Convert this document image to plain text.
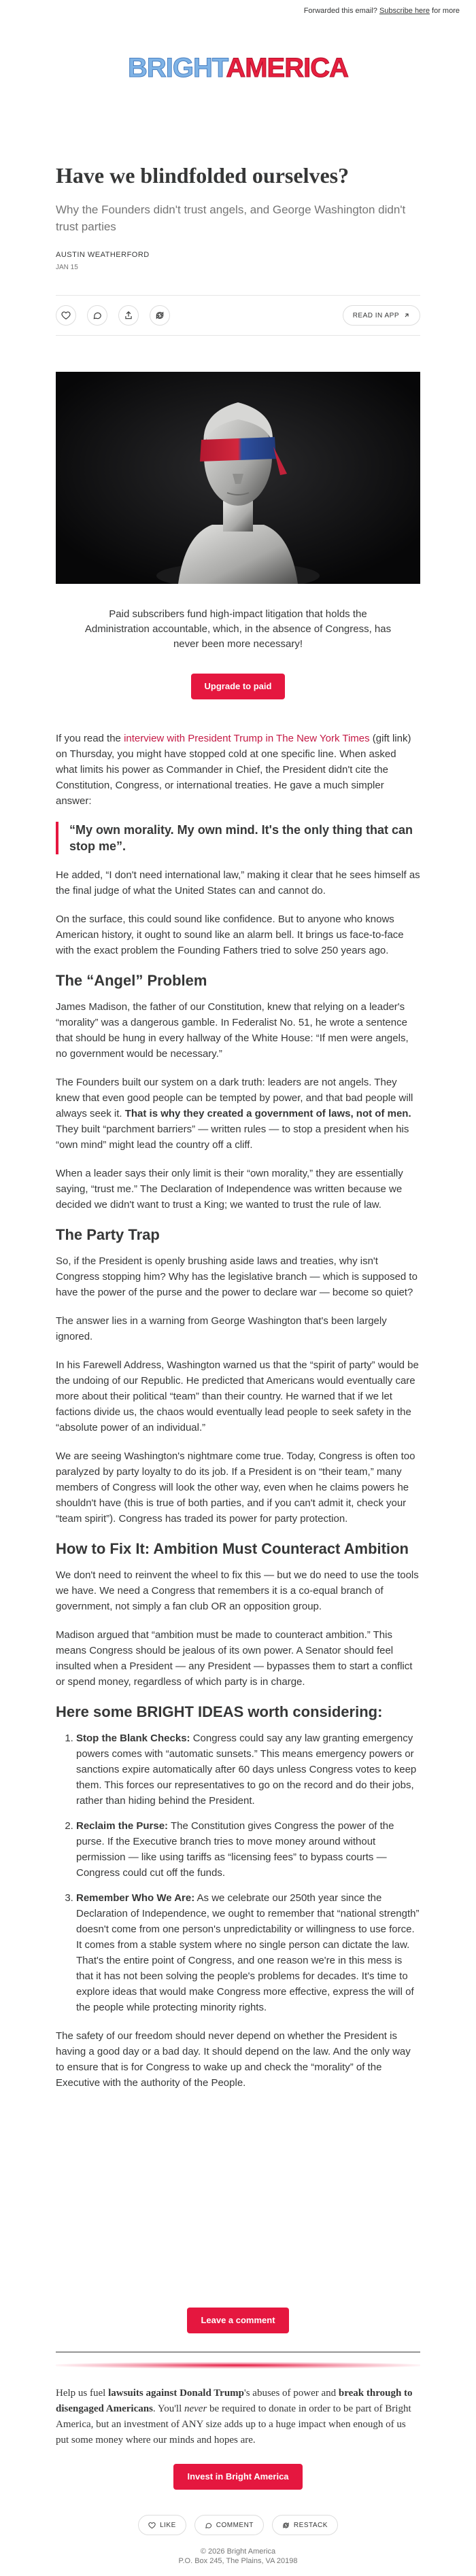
Forwarded this email? Subscribe here for more
BRIGHTAMERICA
Have we blindfolded ourselves?
Why the Founders didn't trust angels, and George Washington didn't trust parties
AUSTIN WEATHERFORD
JAN 15
READ IN APP
Paid subscribers fund high-impact litigation that holds the Administration accountable, which, in the absence of Congress, has never been more necessary!
Upgrade to paid

If you read the interview with President Trump in The New York Times (gift link) on Thursday, you might have stopped cold at one specific line. When asked what limits his power as Commander in Chief, the President didn't cite the Constitution, Congress, or international treaties. He gave a much simpler answer:

“My own morality. My own mind. It's the only thing that can stop me”.

He added, “I don't need international law,” making it clear that he sees himself as the final judge of what the United States can and cannot do.

On the surface, this could sound like confidence. But to anyone who knows American history, it ought to sound like an alarm bell. It brings us face-to-face with the exact problem the Founding Fathers tried to solve 250 years ago.

The “Angel” Problem

James Madison, the father of our Constitution, knew that relying on a leader's “morality” was a dangerous gamble. In Federalist No. 51, he wrote a sentence that should be hung in every hallway of the White House: “If men were angels, no government would be necessary.”

The Founders built our system on a dark truth: leaders are not angels. They knew that even good people can be tempted by power, and that bad people will always seek it. That is why they created a government of laws, not of men. They built “parchment barriers” — written rules — to stop a president when his “own mind” might lead the country off a cliff.

When a leader says their only limit is their “own morality,” they are essentially saying, “trust me.” The Declaration of Independence was written because we decided we didn't want to trust a King; we wanted to trust the rule of law.

The Party Trap

So, if the President is openly brushing aside laws and treaties, why isn't Congress stopping him? Why has the legislative branch — which is supposed to have the power of the purse and the power to declare war — become so quiet?

The answer lies in a warning from George Washington that's been largely ignored.

In his Farewell Address, Washington warned us that the “spirit of party” would be the undoing of our Republic. He predicted that Americans would eventually care more about their political “team” than their country. He warned that if we let factions divide us, the chaos would eventually lead people to seek safety in the “absolute power of an individual.”

We are seeing Washington's nightmare come true. Today, Congress is often too paralyzed by party loyalty to do its job. If a President is on “their team,” many members of Congress will look the other way, even when he claims powers he shouldn't have (this is true of both parties, and if you can't admit it, check your “team spirit”). Congress has traded its power for party protection.

How to Fix It: Ambition Must Counteract Ambition

We don't need to reinvent the wheel to fix this — but we do need to use the tools we have. We need a Congress that remembers it is a co-equal branch of government, not simply a fan club OR an opposition group.

Madison argued that “ambition must be made to counteract ambition.” This means Congress should be jealous of its own power. A Senator should feel insulted when a President — any President — bypasses them to start a conflict or spend money, regardless of which party is in charge.

Here some BRIGHT IDEAS worth considering:
1. Stop the Blank Checks: Congress could say any law granting emergency powers comes with “automatic sunsets.” This means emergency powers or sanctions expire automatically after 60 days unless Congress votes to keep them. This forces our representatives to go on the record and do their jobs, rather than hiding behind the President.
2. Reclaim the Purse: The Constitution gives Congress the power of the purse. If the Executive branch tries to move money around without permission — like using tariffs as “licensing fees” to bypass courts — Congress could cut off the funds.
3. Remember Who We Are: As we celebrate our 250th year since the Declaration of Independence, we ought to remember that “national strength” doesn't come from one person's unpredictability or willingness to use force. It comes from a stable system where no single person can dictate the law. That's the entire point of Congress, and one reason we're in this mess is that it has not been solving the people's problems for decades. It's time to explore ideas that would make Congress more effective, express the will of the people while protecting minority rights.

The safety of our freedom should never depend on whether the President is having a good day or a bad day. It should depend on the law. And the only way to ensure that is for Congress to wake up and check the “morality” of the Executive with the authority of the People.

Leave a comment
Help us fuel lawsuits against Donald Trump's abuses of power and break through to disengaged Americans. You'll never be required to donate in order to be part of Bright America, but an investment of ANY size adds up to a huge impact when enough of us put some money where our minds and hopes are.
Invest in Bright America
LIKE	COMMENT	RESTACK
© 2026 Bright America
P.O. Box 245, The Plains, VA 20198
